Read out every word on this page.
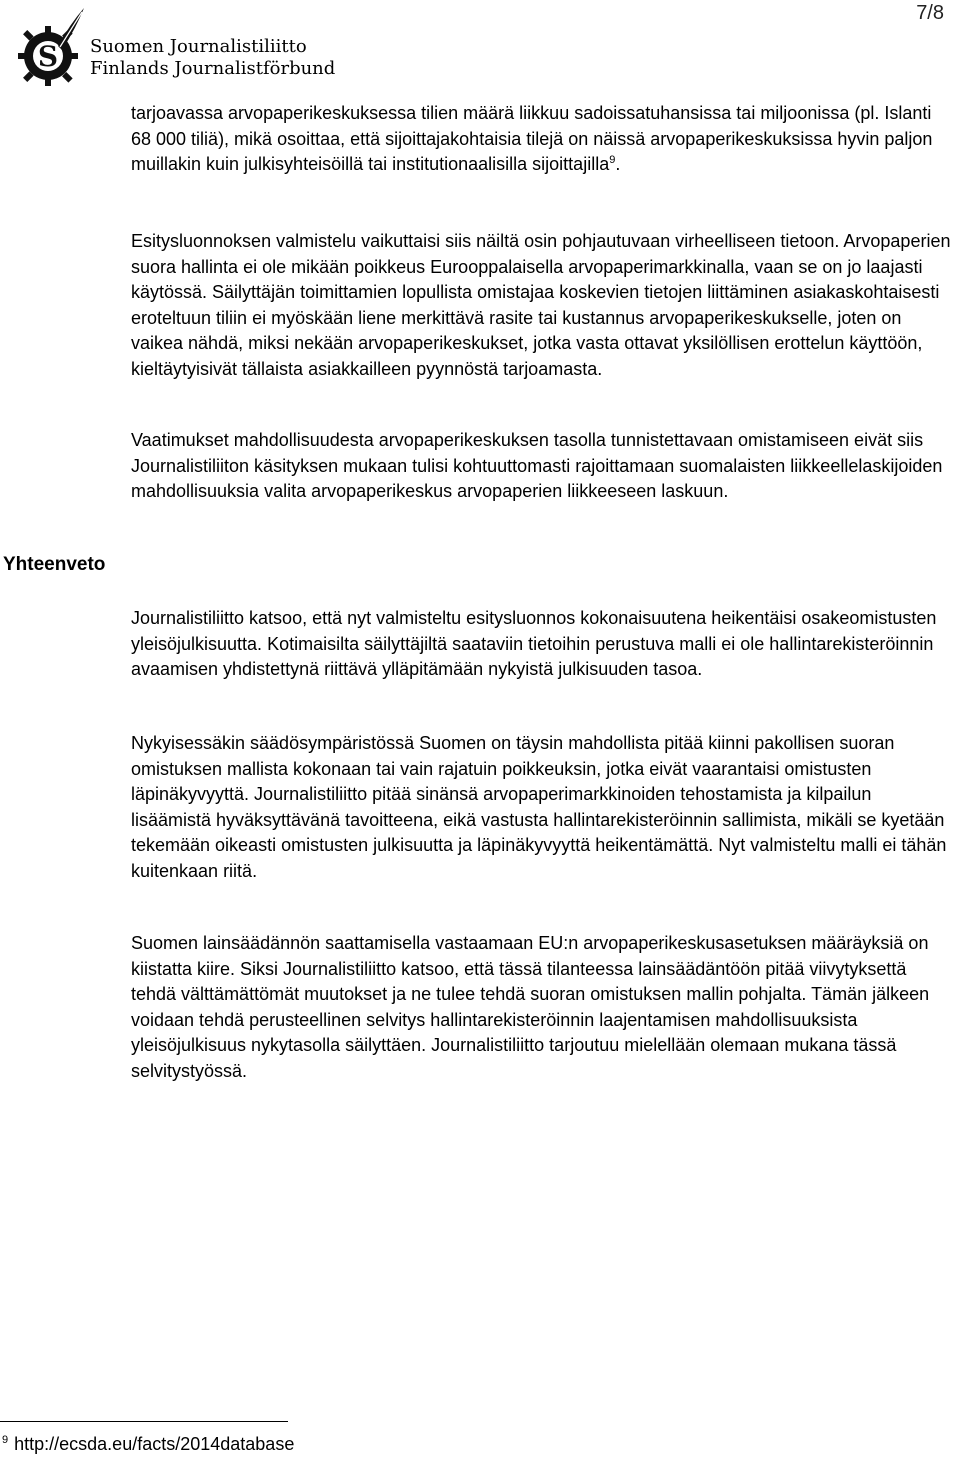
7/8
S Suomen Journalistiliitto
Finlands Journalistförbund
Yhteenveto

tarjoavassa arvopaperikeskuksessa tilien määrä liikkuu sadoissatuhansissa tai miljoonissa (pl. Islanti 68 000 tiliä), mikä osoittaa, että sijoittajakohtaisia tilejä on näissä arvopaperikeskuksissa hyvin paljon muillakin kuin julkisyhteisöillä tai institutionaalisilla sijoittajilla$^9$.

Esitysluonnoksen valmistelu vaikuttaisi siis näiltä osin pohjautuvaan virheelliseen tietoon. Arvopaperien suora hallinta ei ole mikään poikkeus Eurooppalaisella arvopaperimarkkinalla, vaan se on jo laajasti käytössä. Säilyttäjän toimittamien lopullista omistajaa koskevien tietojen liittäminen asiakaskohtaisesti eroteltuun tiliin ei myöskään liene merkittävä rasite tai kustannus arvopaperikeskukselle, joten on vaikea nähdä, miksi nekään arvopaperikeskukset, jotka vasta ottavat yksilöllisen erottelun käyttöön, kieltäytyisivät tällaista asiakkailleen pyynnöstä tarjoamasta.

Vaatimukset mahdollisuudesta arvopaperikeskuksen tasolla tunnistettavaan omistamiseen eivät siis Journalistiliiton käsityksen mukaan tulisi kohtuuttomasti rajoittamaan suomalaisten liikkeellelaskijoiden mahdollisuuksia valita arvopaperikeskus arvopaperien liikkeeseen laskuun.

Journalistiliitto katsoo, että nyt valmisteltu esitysluonnos kokonaisuutena heikentäisi osakeomistusten yleisöjulkisuutta. Kotimaisilta säilyttäjiltä saataviin tietoihin perustuva malli ei ole hallintarekisteröinnin avaamisen yhdistettynä riittävä ylläpitämään nykyistä julkisuuden tasoa.

Nykyisessäkin säädösympäristössä Suomen on täysin mahdollista pitää kiinni pakollisen suoran omistuksen mallista kokonaan tai vain rajatuin poikkeuksin, jotka eivät vaarantaisi omistusten läpinäkyvyyttä. Journalistiliitto pitää sinänsä arvopaperimarkkinoiden tehostamista ja kilpailun lisäämistä hyväksyttävänä tavoitteena, eikä vastusta hallintarekisteröinnin sallimista, mikäli se kyetään tekemään oikeasti omistusten julkisuutta ja läpinäkyvyyttä heikentämättä. Nyt valmisteltu malli ei tähän kuitenkaan riitä.

Suomen lainsäädännön saattamisella vastaamaan EU:n arvopaperikeskusasetuksen määräyksiä on kiistatta kiire. Siksi Journalistiliitto katsoo, että tässä tilanteessa lainsäädäntöön pitää viivytyksettä tehdä välttämättömät muutokset ja ne tulee tehdä suoran omistuksen mallin pohjalta. Tämän jälkeen voidaan tehdä perusteellinen selvitys hallintarekisteröinnin laajentamisen mahdollisuuksista yleisöjulkisuus nykytasolla säilyttäen. Journalistiliitto tarjoutuu mielellään olemaan mukana tässä selvitystyössä.

$^9$ http://ecsda.eu/facts/2014database
